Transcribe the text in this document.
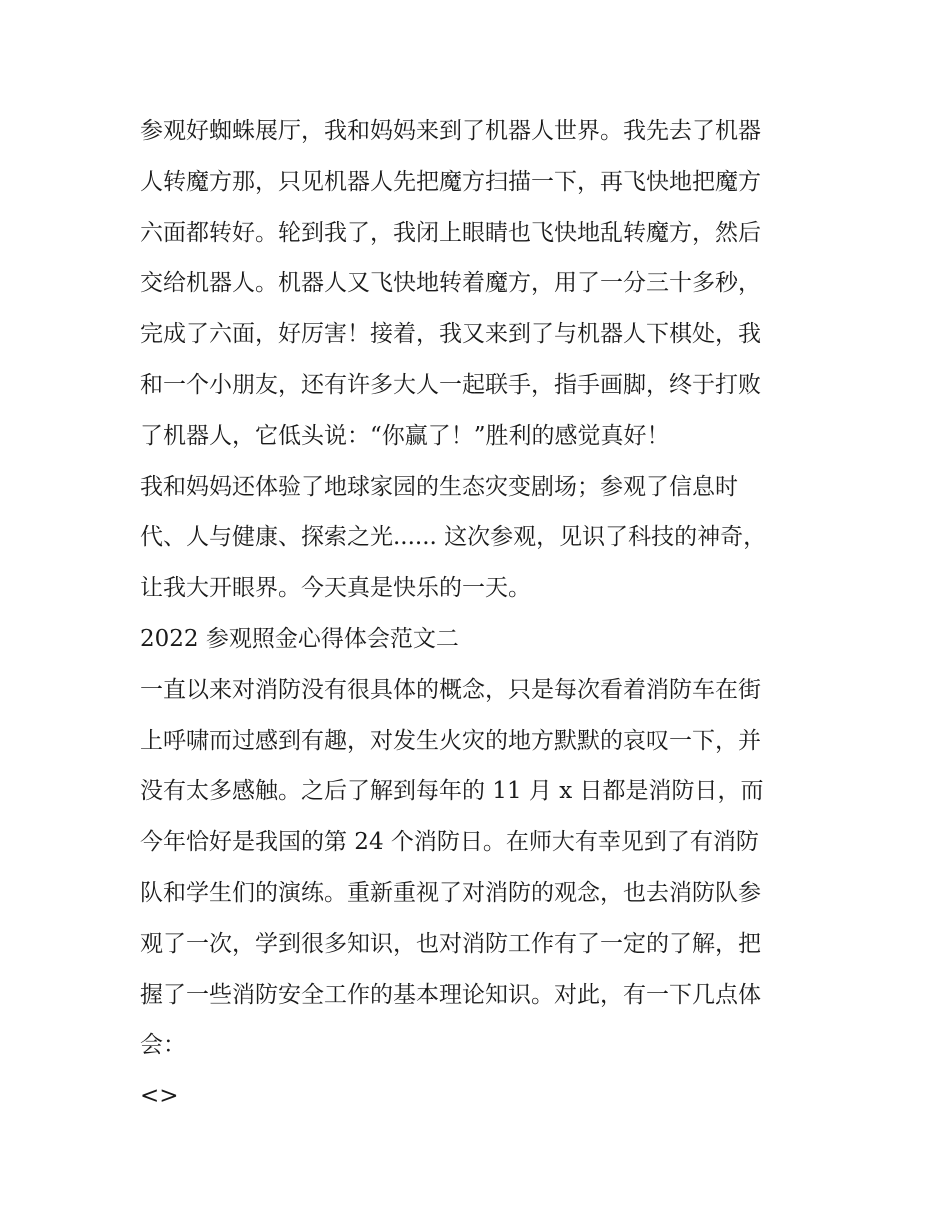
参观好蜘蛛展厅，我和妈妈来到了机器人世界。我先去了机器
人转魔方那，只见机器人先把魔方扫描一下，再飞快地把魔方
六面都转好。轮到我了，我闭上眼睛也飞快地乱转魔方，然后
交给机器人。机器人又飞快地转着魔方，用了一分三十多秒，
完成了六面，好厉害！接着，我又来到了与机器人下棋处，我
和一个小朋友，还有许多大人一起联手，指手画脚，终于打败
了机器人，它低头说：“你赢了！”胜利的感觉真好！
我和妈妈还体验了地球家园的生态灾变剧场；参观了信息时
代、人与健康、探索之光...... 这次参观，见识了科技的神奇，
让我大开眼界。今天真是快乐的一天。
2022 参观照金心得体会范文二
一直以来对消防没有很具体的概念，只是每次看着消防车在街
上呼啸而过感到有趣，对发生火灾的地方默默的哀叹一下，并
没有太多感触。之后了解到每年的 11 月 x 日都是消防日，而
今年恰好是我国的第 24 个消防日。在师大有幸见到了有消防
队和学生们的演练。重新重视了对消防的观念，也去消防队参
观了一次，学到很多知识，也对消防工作有了一定的了解，把
握了一些消防安全工作的基本理论知识。对此，有一下几点体
会：
<>
